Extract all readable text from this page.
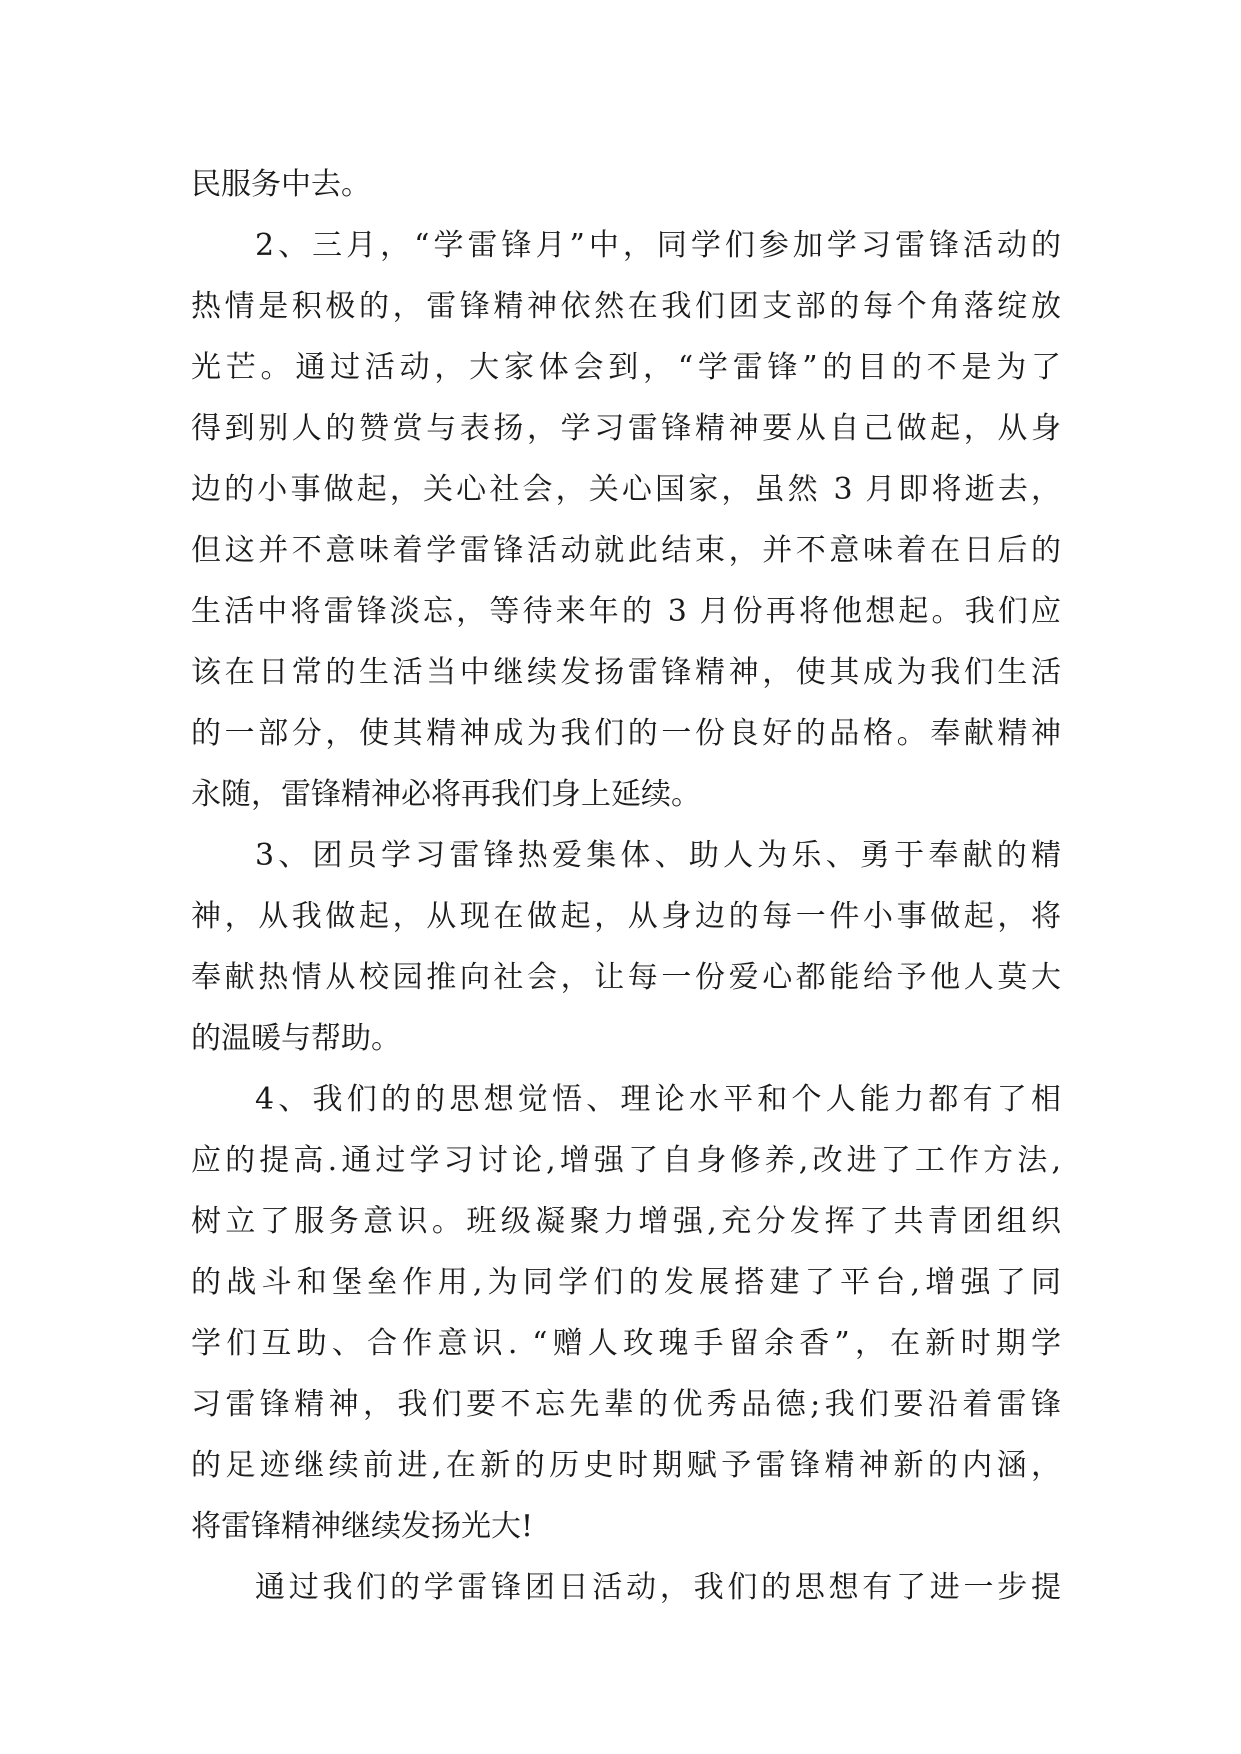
民服务中去。
2、三月，“学雷锋月”中，同学们参加学习雷锋活动的
热情是积极的，雷锋精神依然在我们团支部的每个角落绽放
光芒。通过活动，大家体会到，“学雷锋”的目的不是为了
得到别人的赞赏与表扬，学习雷锋精神要从自己做起，从身
边的小事做起，关心社会，关心国家，虽然 3 月即将逝去，
但这并不意味着学雷锋活动就此结束，并不意味着在日后的
生活中将雷锋淡忘，等待来年的 3 月份再将他想起。我们应
该在日常的生活当中继续发扬雷锋精神，使其成为我们生活
的一部分，使其精神成为我们的一份良好的品格。奉献精神
永随，雷锋精神必将再我们身上延续。
3、团员学习雷锋热爱集体、助人为乐、勇于奉献的精
神，从我做起，从现在做起，从身边的每一件小事做起，将
奉献热情从校园推向社会，让每一份爱心都能给予他人莫大
的温暖与帮助。
4、我们的的思想觉悟、理论水平和个人能力都有了相
应的提高.通过学习讨论,增强了自身修养,改进了工作方法,
树立了服务意识。班级凝聚力增强,充分发挥了共青团组织
的战斗和堡垒作用,为同学们的发展搭建了平台,增强了同
学们互助、合作意识. “赠人玫瑰手留余香”，在新时期学
习雷锋精神，我们要不忘先辈的优秀品德;我们要沿着雷锋
的足迹继续前进,在新的历史时期赋予雷锋精神新的内涵，
将雷锋精神继续发扬光大!
通过我们的学雷锋团日活动，我们的思想有了进一步提
